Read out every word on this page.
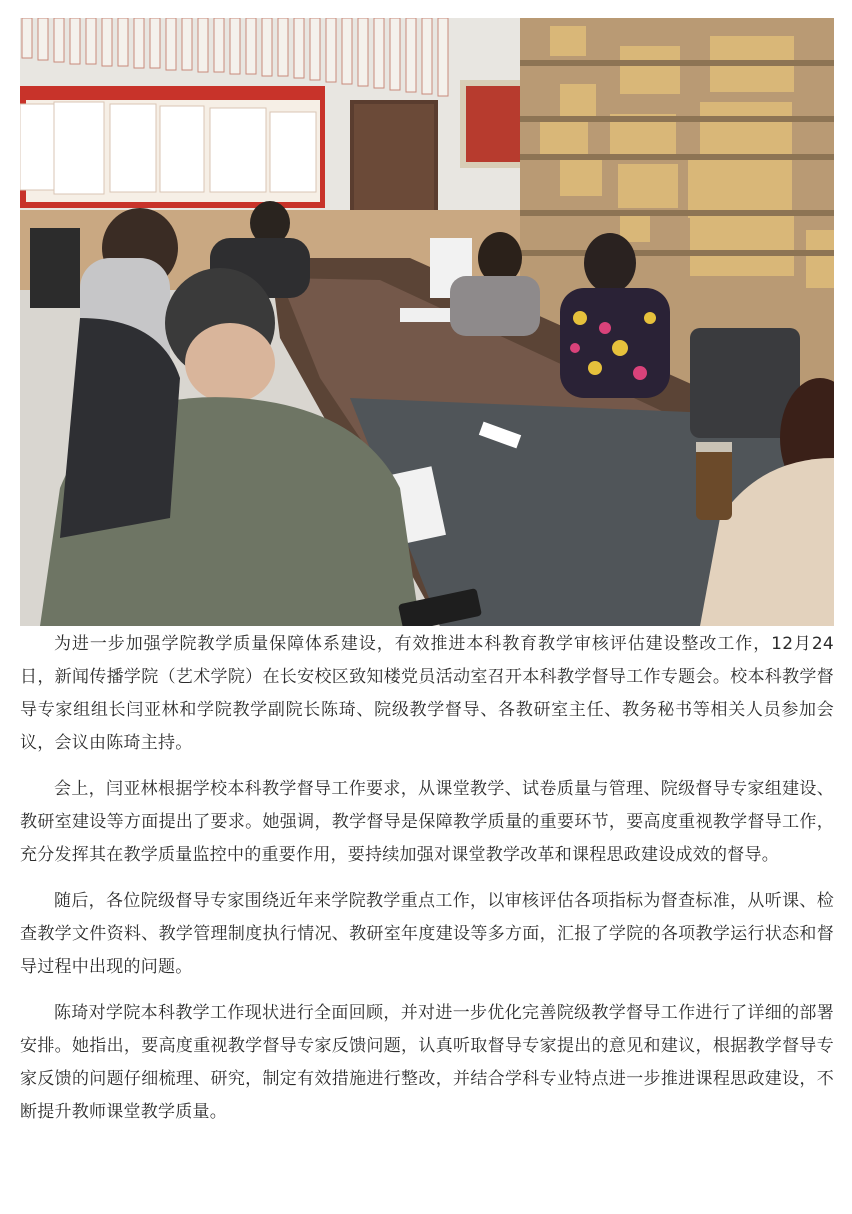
为进一步加强学院教学质量保障体系建设，有效推进本科教育教学审核评估建设整改工作，12月24日，新闻传播学院（艺术学院）在长安校区致知楼党员活动室召开本科教学督导工作专题会。校本科教学督导专家组组长闫亚林和学院教学副院长陈琦、院级教学督导、各教研室主任、教务秘书等相关人员参加会议，会议由陈琦主持。

会上，闫亚林根据学校本科教学督导工作要求，从课堂教学、试卷质量与管理、院级督导专家组建设、教研室建设等方面提出了要求。她强调，教学督导是保障教学质量的重要环节，要高度重视教学督导工作，充分发挥其在教学质量监控中的重要作用，要持续加强对课堂教学改革和课程思政建设成效的督导。

随后，各位院级督导专家围绕近年来学院教学重点工作，以审核评估各项指标为督查标准，从听课、检查教学文件资料、教学管理制度执行情况、教研室年度建设等多方面，汇报了学院的各项教学运行状态和督导过程中出现的问题。

陈琦对学院本科教学工作现状进行全面回顾，并对进一步优化完善院级教学督导工作进行了详细的部署安排。她指出，要高度重视教学督导专家反馈问题，认真听取督导专家提出的意见和建议，根据教学督导专家反馈的问题仔细梳理、研究，制定有效措施进行整改，并结合学科专业特点进一步推进课程思政建设，不断提升教师课堂教学质量。
